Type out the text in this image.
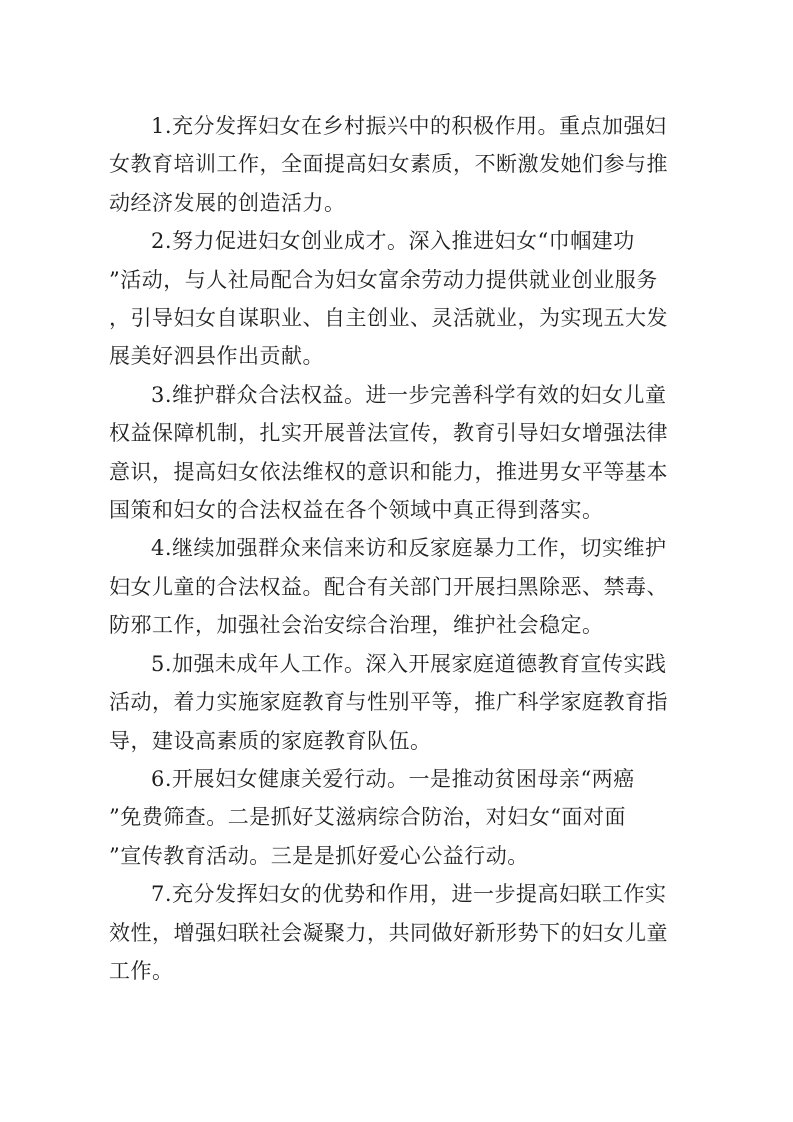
1.充分发挥妇女在乡村振兴中的积极作用。重点加强妇
女教育培训工作，全面提高妇女素质，不断激发她们参与推
动经济发展的创造活力。

2.努力促进妇女创业成才。深入推进妇女“巾帼建功
”活动，与人社局配合为妇女富余劳动力提供就业创业服务
，引导妇女自谋职业、自主创业、灵活就业，为实现五大发
展美好泗县作出贡献。

3.维护群众合法权益。进一步完善科学有效的妇女儿童
权益保障机制，扎实开展普法宣传，教育引导妇女增强法律
意识，提高妇女依法维权的意识和能力，推进男女平等基本
国策和妇女的合法权益在各个领域中真正得到落实。

4.继续加强群众来信来访和反家庭暴力工作，切实维护
妇女儿童的合法权益。配合有关部门开展扫黑除恶、禁毒、
防邪工作，加强社会治安综合治理，维护社会稳定。

5.加强未成年人工作。深入开展家庭道德教育宣传实践
活动，着力实施家庭教育与性别平等，推广科学家庭教育指
导，建设高素质的家庭教育队伍。

6.开展妇女健康关爱行动。一是推动贫困母亲“两癌
”免费筛查。二是抓好艾滋病综合防治，对妇女“面对面
”宣传教育活动。三是是抓好爱心公益行动。

7.充分发挥妇女的优势和作用，进一步提高妇联工作实
效性，增强妇联社会凝聚力，共同做好新形势下的妇女儿童
工作。
